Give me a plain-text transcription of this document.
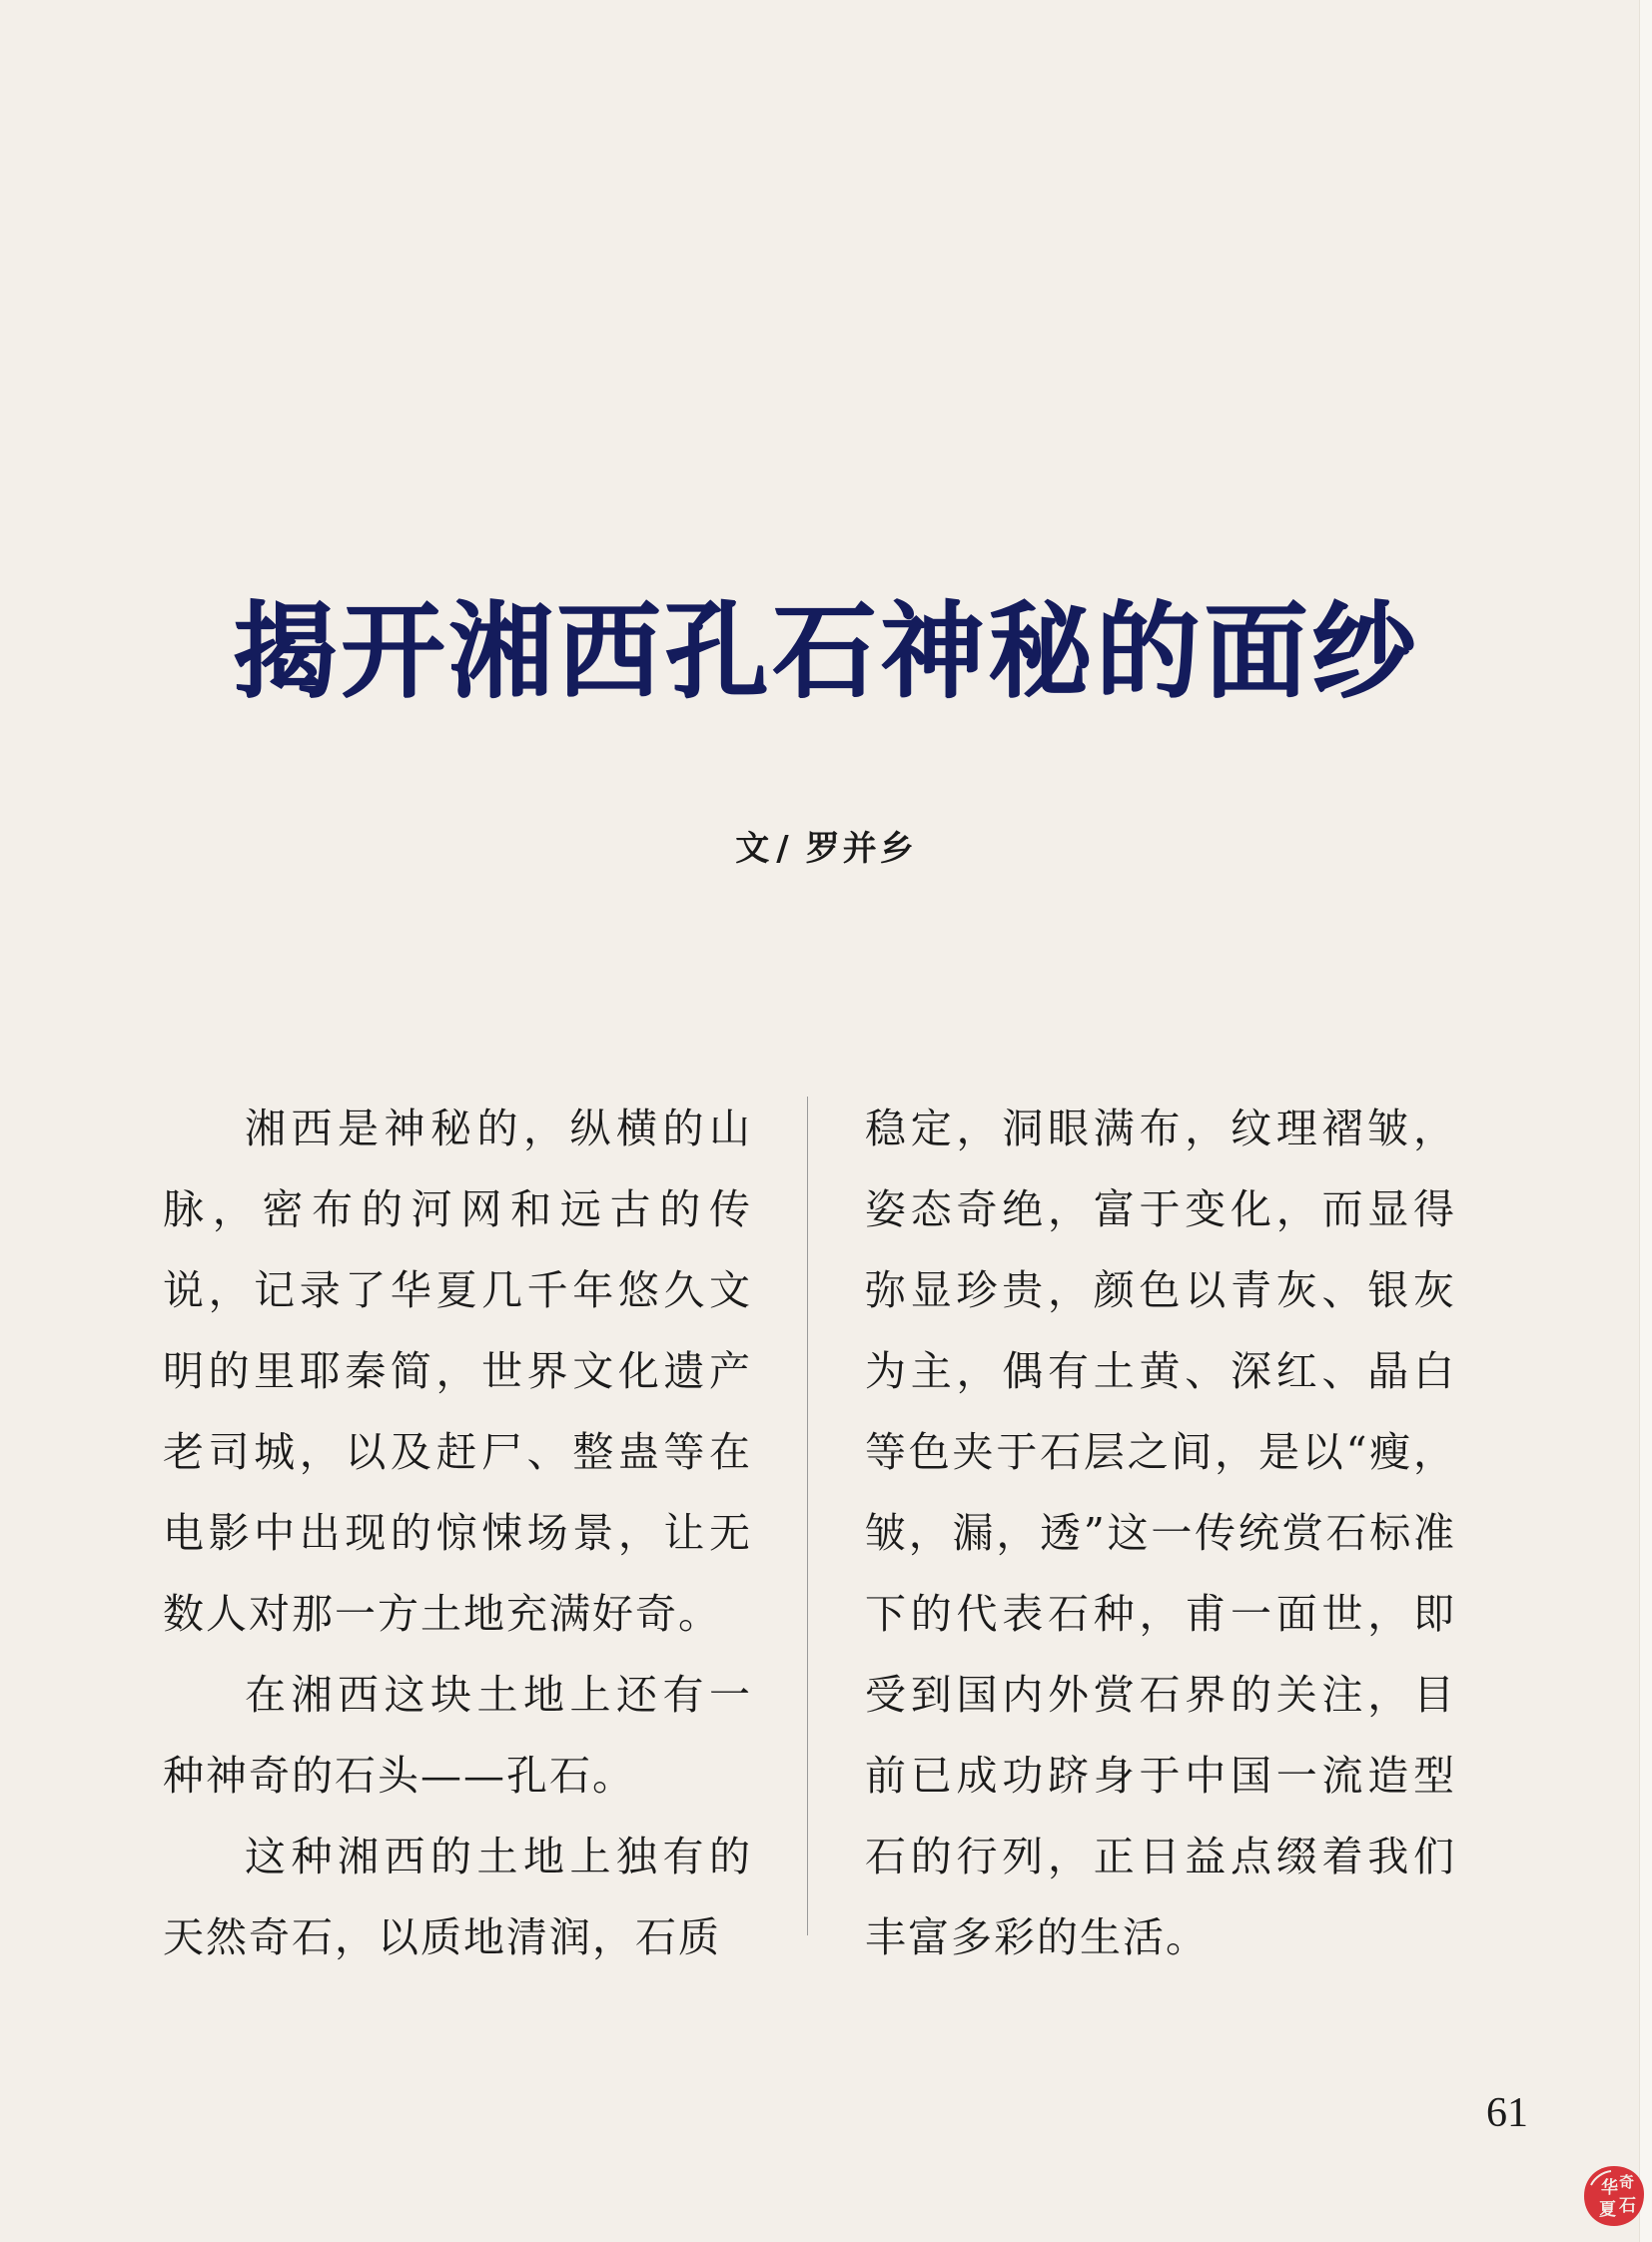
揭开湘西孔石神秘的面纱
文 / 罗并乡

湘西是神秘的，纵横的山脉，密布的河网和远古的传说，记录了华夏几千年悠久文明的里耶秦简，世界文化遗产老司城，以及赶尸、整蛊等在电影中出现的惊悚场景，让无数人对那一方土地充满好奇。

在湘西这块土地上还有一种神奇的石头——孔石。

这种湘西的土地上独有的天然奇石，以质地清润，石质

稳定，洞眼满布，纹理褶皱，姿态奇绝，富于变化，而显得弥显珍贵，颜色以青灰、银灰为主，偶有土黄、深红、晶白等色夹于石层之间，是以“瘦，皱，漏，透”这一传统赏石标准下的代表石种，甫一面世，即受到国内外赏石界的关注，目前已成功跻身于中国一流造型石的行列，正日益点缀着我们丰富多彩的生活。

61
华 奇
夏 石
